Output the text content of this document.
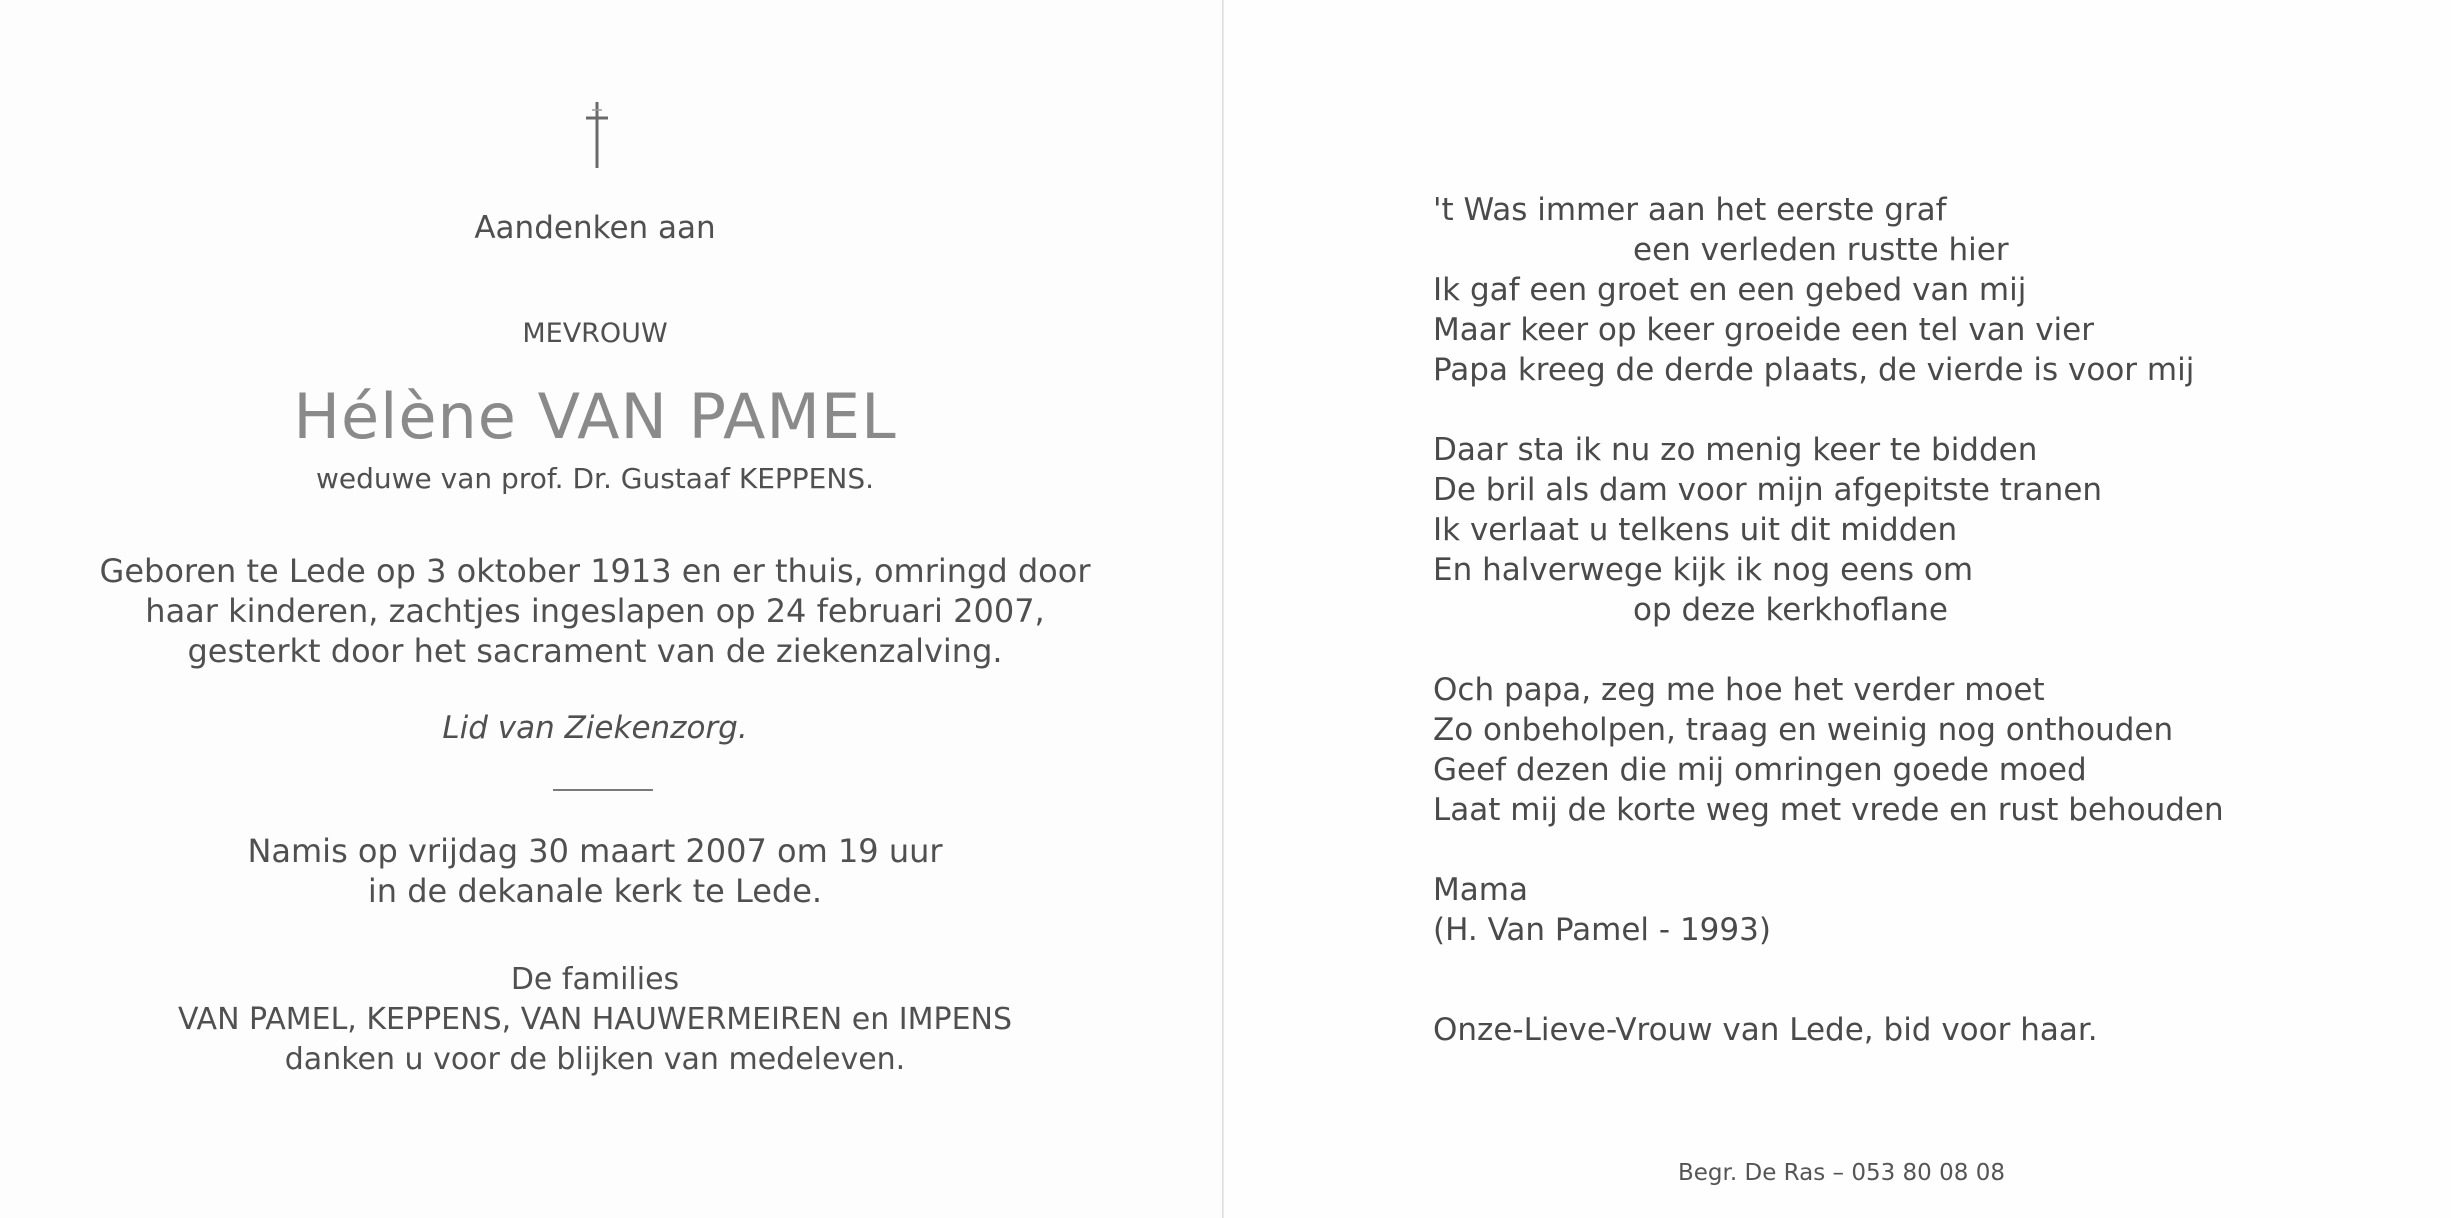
Aandenken aan
MEVROUW
Hélène VAN PAMEL
weduwe van prof. Dr. Gustaaf KEPPENS.
Geboren te Lede op 3 oktober 1913 en er thuis, omringd door
haar kinderen, zachtjes ingeslapen op 24 februari 2007,
gesterkt door het sacrament van de ziekenzalving.
Lid van Ziekenzorg.
Namis op vrijdag 30 maart 2007 om 19 uur
in de dekanale kerk te Lede.
De families
VAN PAMEL, KEPPENS, VAN HAUWERMEIREN en IMPENS
danken u voor de blijken van medeleven.
't Was immer aan het eerste graf
een verleden rustte hier
Ik gaf een groet en een gebed van mij
Maar keer op keer groeide een tel van vier
Papa kreeg de derde plaats, de vierde is voor mij
Daar sta ik nu zo menig keer te bidden
De bril als dam voor mijn afgepitste tranen
Ik verlaat u telkens uit dit midden
En halverwege kijk ik nog eens om
op deze kerkhoflane
Och papa, zeg me hoe het verder moet
Zo onbeholpen, traag en weinig nog onthouden
Geef dezen die mij omringen goede moed
Laat mij de korte weg met vrede en rust behouden
Mama
(H. Van Pamel - 1993)
Onze-Lieve-Vrouw van Lede, bid voor haar.
Begr. De Ras – 053 80 08 08
